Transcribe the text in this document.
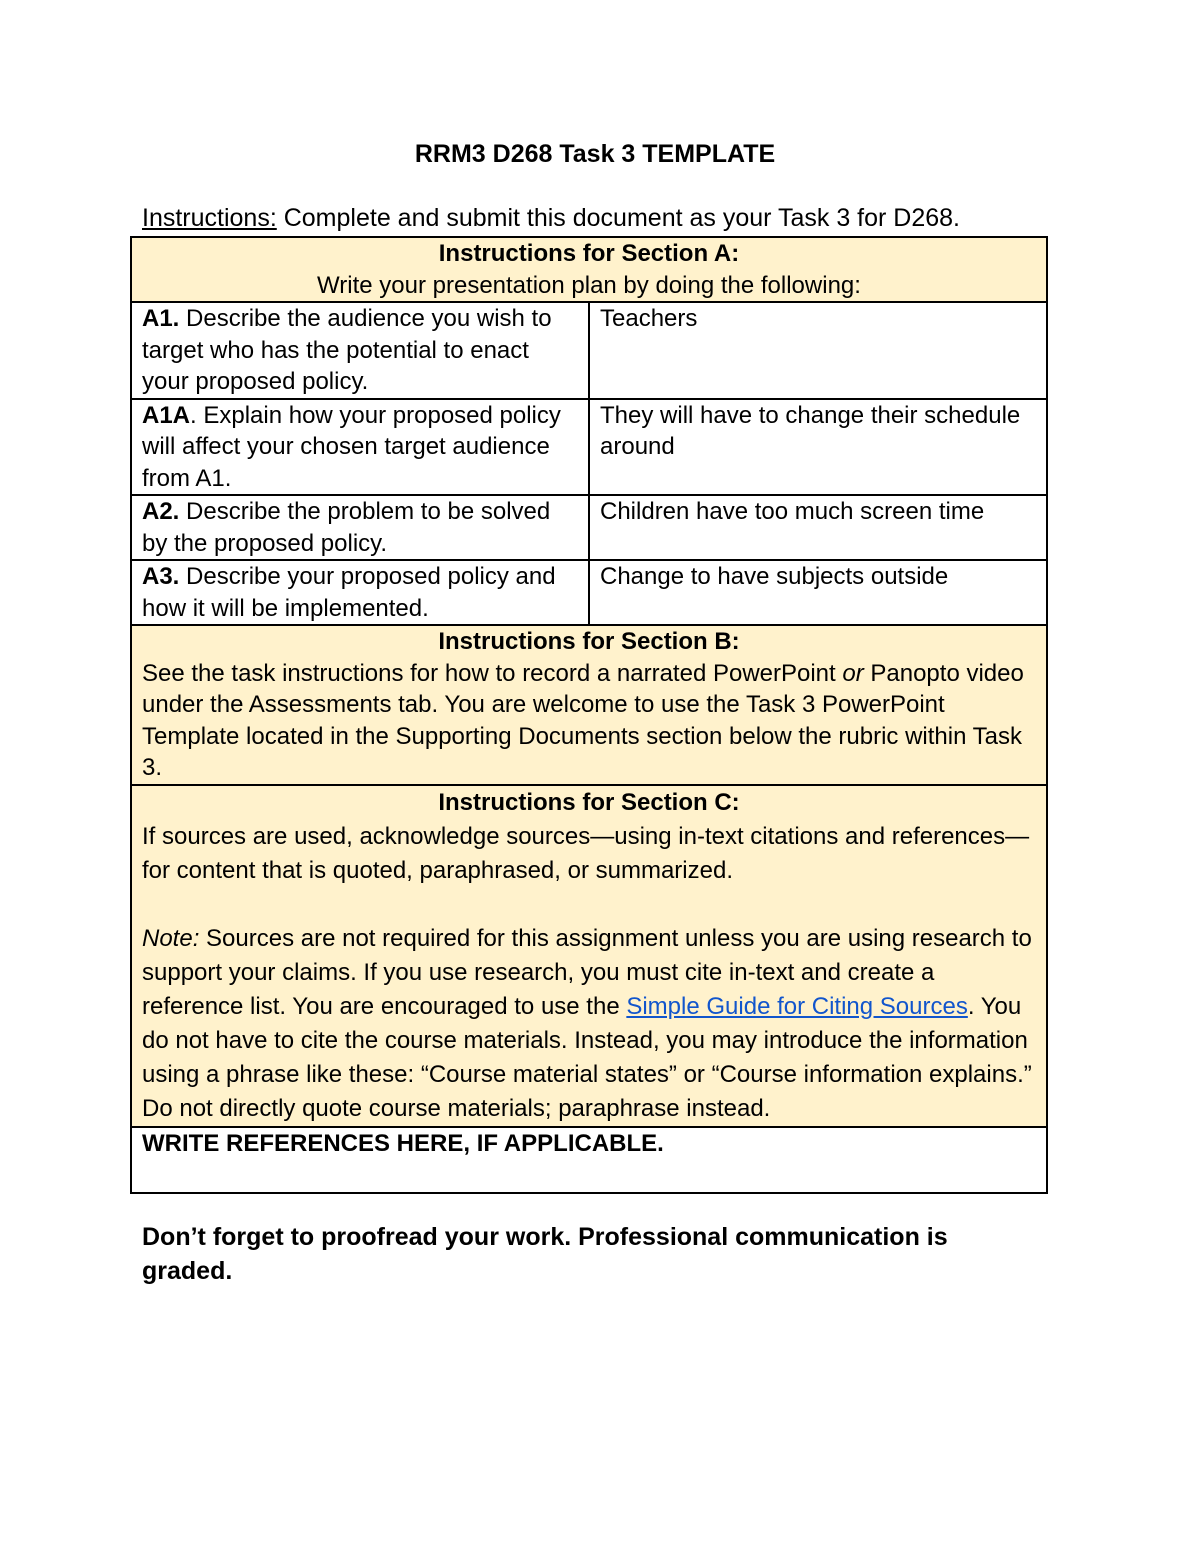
RRM3 D268 Task 3 TEMPLATE
Instructions: Complete and submit this document as your Task 3 for D268.
Instructions for Section A:
Write your presentation plan by doing the following:	

A1. Describe the audience you wish to target who has the potential to enact your proposed policy.	Teachers
A1A. Explain how your proposed policy will affect your chosen target audience from A1.	They will have to change their schedule around
A2. Describe the problem to be solved by the proposed policy.	Children have too much screen time
A3. Describe your proposed policy and how it will be implemented.	Change to have subjects outside

Instructions for Section B:
See the task instructions for how to record a narrated PowerPoint or Panopto video under the Assessments tab. You are welcome to use the Task 3 PowerPoint Template located in the Supporting Documents section below the rubric within Task 3.	

Instructions for Section C:
If sources are used, acknowledge sources—using in-text citations and references—for content that is quoted, paraphrased, or summarized.
Note: Sources are not required for this assignment unless you are using research to support your claims. If you use research, you must cite in-text and create a reference list. You are encouraged to use the Simple Guide for Citing Sources. You do not have to cite the course materials. Instead, you may introduce the information using a phrase like these: “Course material states” or “Course information explains.” Do not directly quote course materials; paraphrase instead.	

WRITE REFERENCES HERE, IF APPLICABLE.	
Don’t forget to proofread your work. Professional communication is graded.
